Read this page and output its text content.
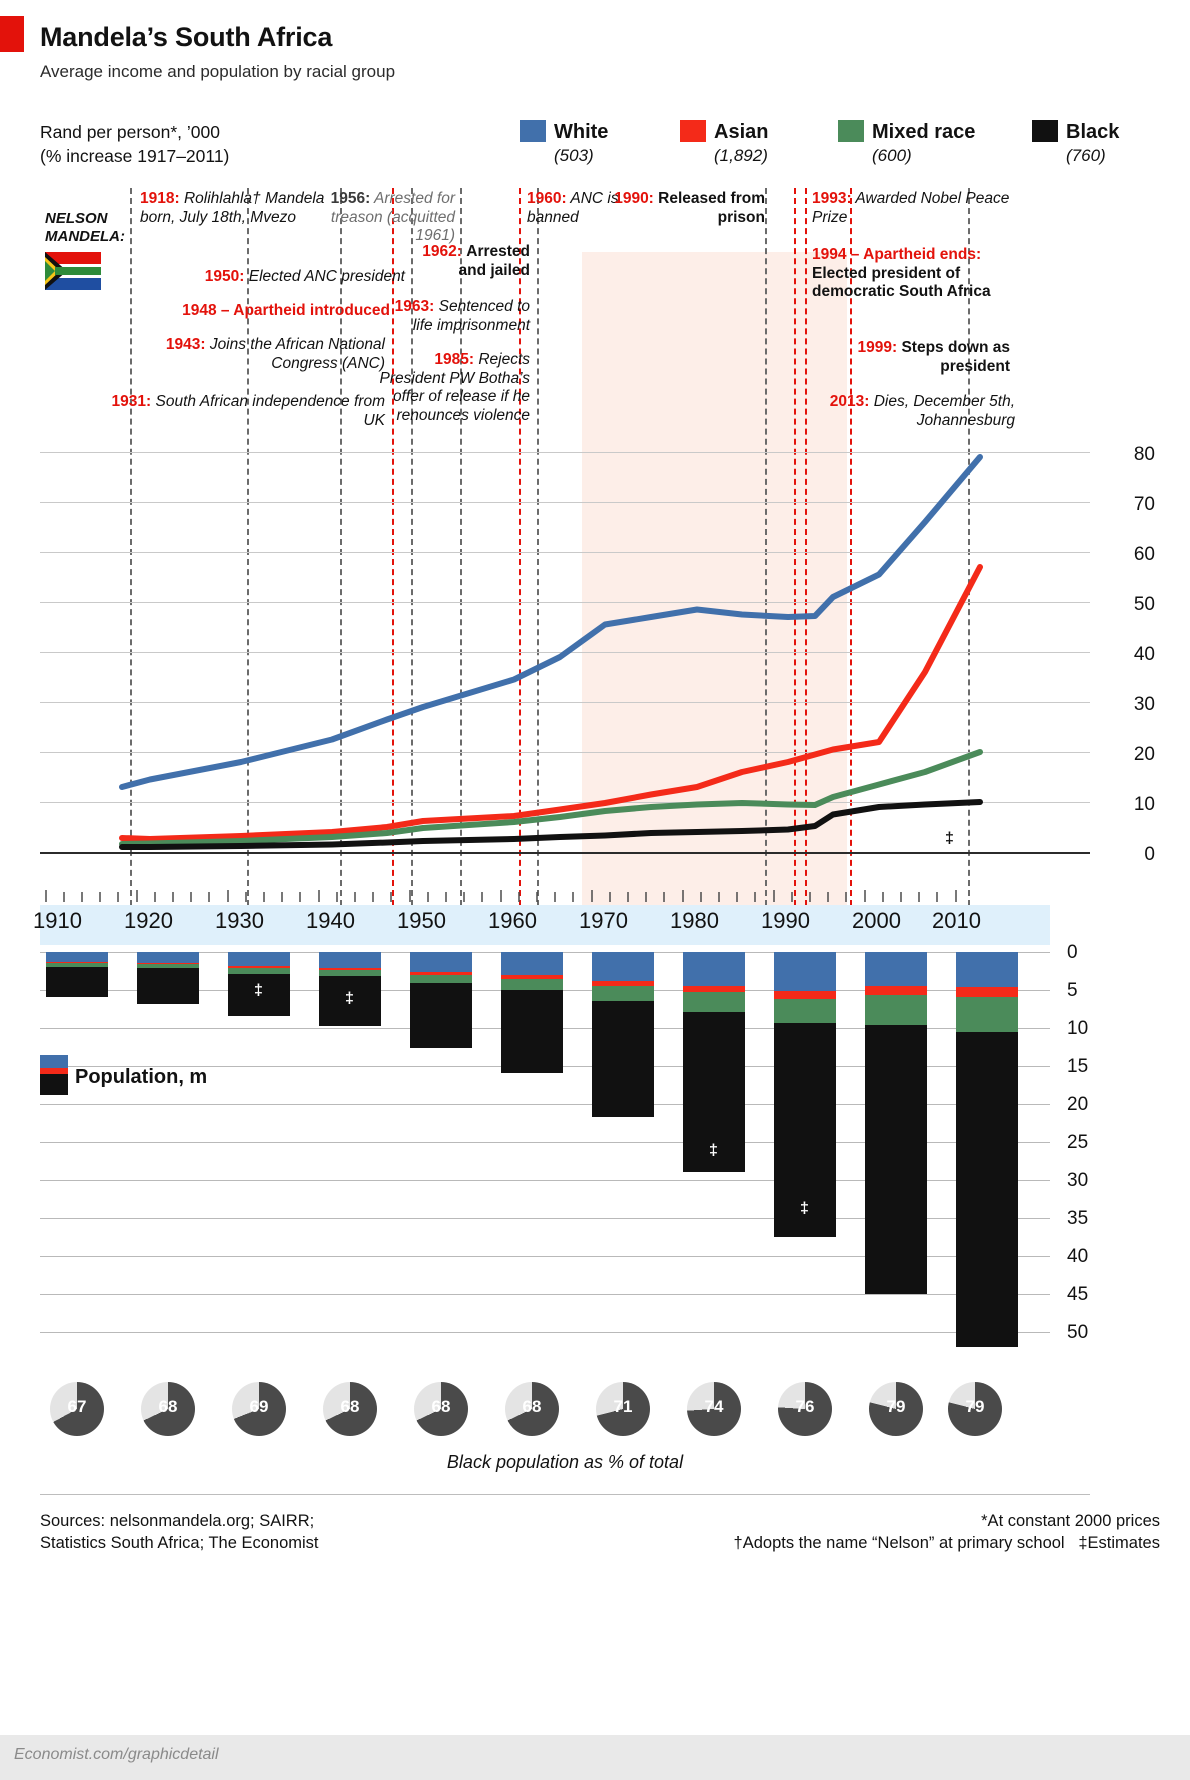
Mandela’s South Africa
Average income and population by racial group
Rand per person*, ’000
(% increase 1917–2011)
White
(503)
Asian
(1,892)
Mixed race
(600)
Black
(760)
NELSON
MANDELA:
1918: Rolihlahla† Mandela born, July 18th, Mvezo
1950: Elected ANC president
1948 – Apartheid introduced
1943: Joins the African National Congress (ANC)
1931: South African independence from UK
1956: Arrested for treason (acquitted 1961)
1960: ANC is banned
1962: Arrested and jailed
1963: Sentenced to life imprisonment
1985: Rejects President PW Botha’s offer of release if he renounces violence
1990: Released from prison
1993: Awarded Nobel Peace Prize
1994 – Apartheid ends: Elected president of democratic South Africa
1999: Steps down as president
2013: Dies, December 5th, Johannesburg
‡
80
70
60
50
40
30
20
10
0
1910 1920 1930 1940 1950 1960 1970 1980 1990 2000 2010
‡	‡
‡
‡
Population, m
0
5
10
15
20
25
30
35
40
45
50
67	68	69	68	68	68	71	74	76	79	79
Black population as % of total
Sources: nelsonmandela.org; SAIRR;
Statistics South Africa; The Economist
*At constant 2000 prices
†Adopts the name “Nelson” at primary school ‡Estimates
Economist.com/graphicdetail
